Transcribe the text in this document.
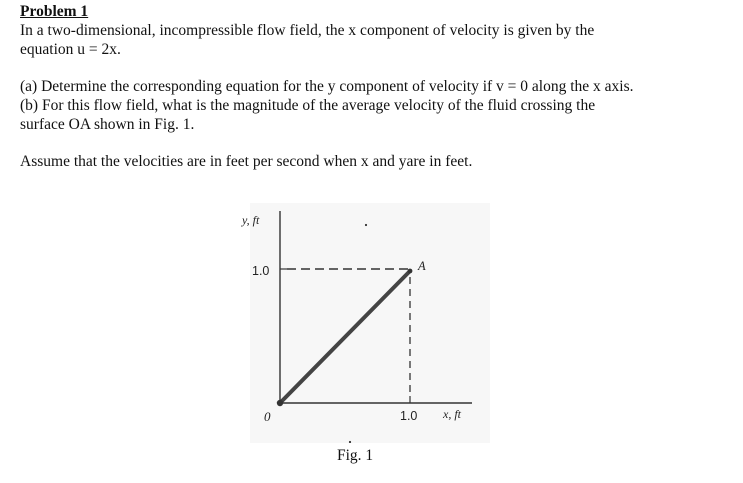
Problem 1

In a two-dimensional, incompressible flow field, the x component of velocity is given by the

equation u = 2x.

(a) Determine the corresponding equation for the y component of velocity if v = 0 along the x axis.

(b) For this flow field, what is the magnitude of the average velocity of the fluid crossing the

surface OA shown in Fig. 1.

Assume that the velocities are in feet per second when x and yare in feet.

y, ft
1.0	A
0	1.0 x, ft
Fig. 1
